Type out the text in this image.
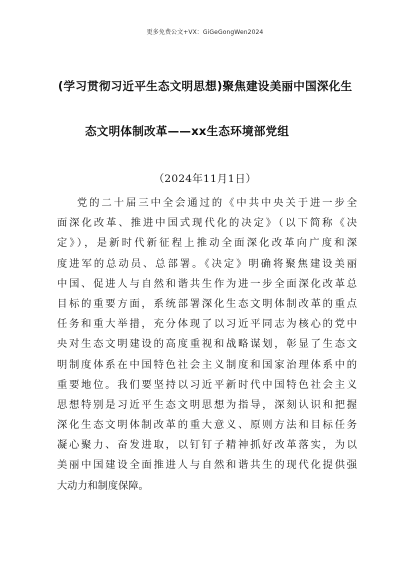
更多免费公文+VX：GiGeGongWen2024
(学习贯彻习近平生态文明思想)聚焦建设美丽中国深化生
态文明体制改革——xx生态环境部党组
（2024年11月1日）
党的二十届三中全会通过的《中共中央关于进一步全
面深化改革、推进中国式现代化的决定》（以下简称《决
定》），是新时代新征程上推动全面深化改革向广度和深
度进军的总动员、总部署。《决定》明确将聚焦建设美丽
中国、促进人与自然和谐共生作为进一步全面深化改革总
目标的重要方面，系统部署深化生态文明体制改革的重点
任务和重大举措，充分体现了以习近平同志为核心的党中
央对生态文明建设的高度重视和战略谋划，彰显了生态文
明制度体系在中国特色社会主义制度和国家治理体系中的
重要地位。我们要坚持以习近平新时代中国特色社会主义
思想特别是习近平生态文明思想为指导，深刻认识和把握
深化生态文明体制改革的重大意义、原则方法和目标任务
凝心聚力、奋发进取，以钉钉子精神抓好改革落实，为以
美丽中国建设全面推进人与自然和谐共生的现代化提供强
大动力和制度保障。
